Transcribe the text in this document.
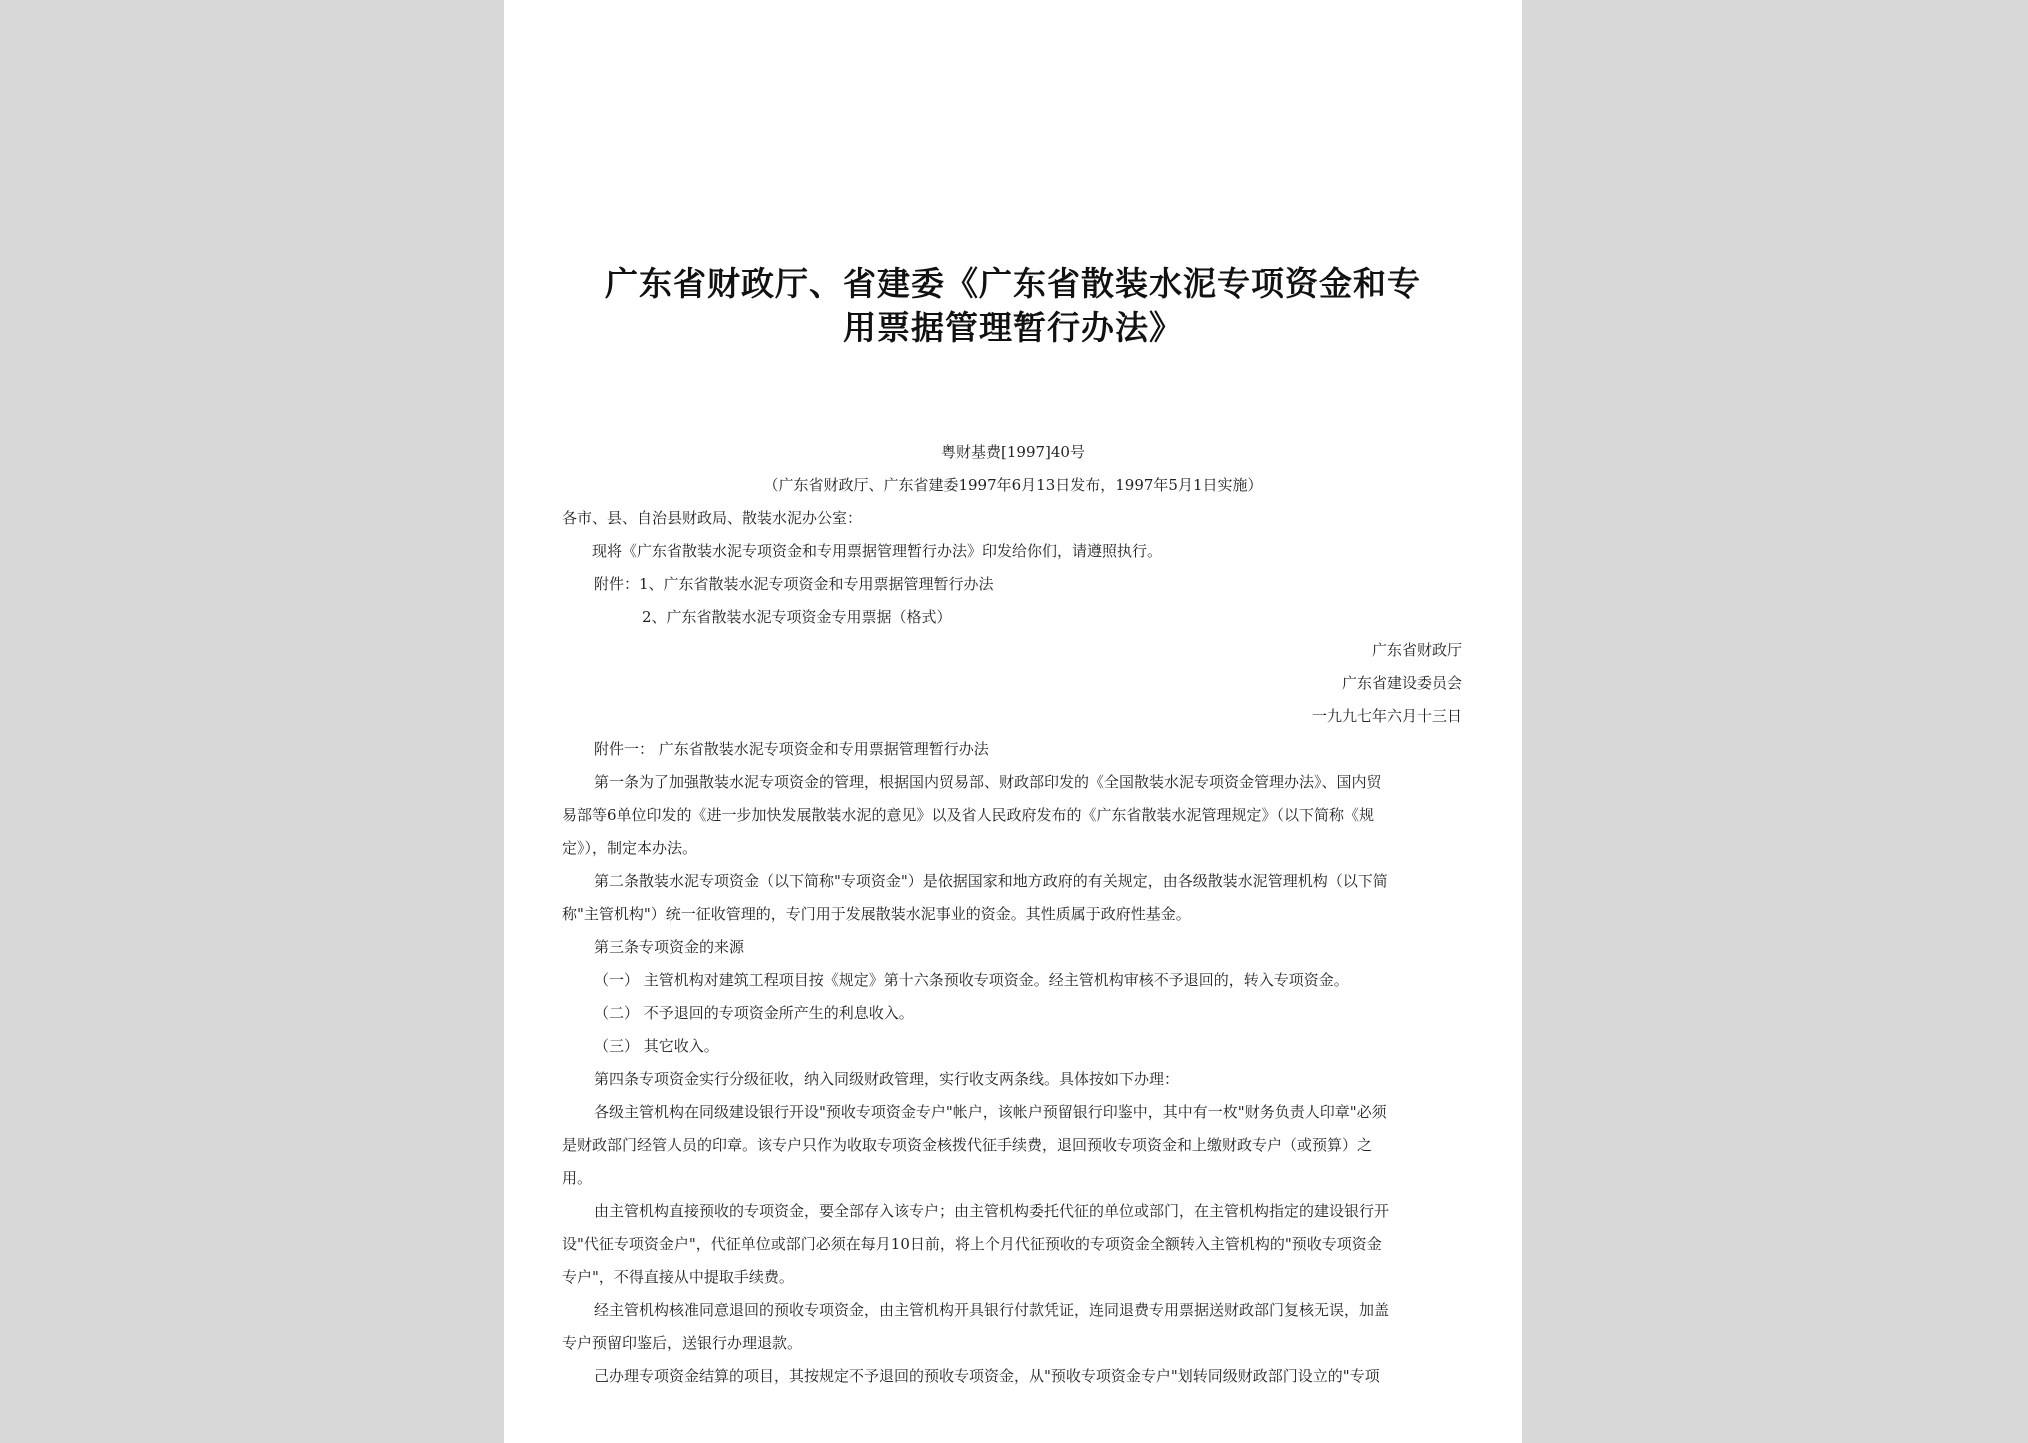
广东省财政厅、省建委《广东省散装水泥专项资金和专
用票据管理暂行办法》
粤财基费[1997]40号
（广东省财政厅、广东省建委1997年6月13日发布，1997年5月1日实施）
各市、县、自治县财政局、散装水泥办公室：
现将《广东省散装水泥专项资金和专用票据管理暂行办法》印发给你们，请遵照执行。
附件：1、广东省散装水泥专项资金和专用票据管理暂行办法
2、广东省散装水泥专项资金专用票据（格式）
广东省财政厅
广东省建设委员会
一九九七年六月十三日
附件一： 广东省散装水泥专项资金和专用票据管理暂行办法
第一条为了加强散装水泥专项资金的管理，根据国内贸易部、财政部印发的《全国散装水泥专项资金管理办法》、国内贸
易部等6单位印发的《进一步加快发展散装水泥的意见》以及省人民政府发布的《广东省散装水泥管理规定》（以下简称《规
定》），制定本办法。
第二条散装水泥专项资金（以下简称"专项资金"）是依据国家和地方政府的有关规定，由各级散装水泥管理机构（以下简
称"主管机构"）统一征收管理的，专门用于发展散装水泥事业的资金。其性质属于政府性基金。
第三条专项资金的来源
（一） 主管机构对建筑工程项目按《规定》第十六条预收专项资金。经主管机构审核不予退回的，转入专项资金。
（二） 不予退回的专项资金所产生的利息收入。
（三） 其它收入。
第四条专项资金实行分级征收，纳入同级财政管理，实行收支两条线。具体按如下办理：
各级主管机构在同级建设银行开设"预收专项资金专户"帐户，该帐户预留银行印鉴中，其中有一枚"财务负责人印章"必须
是财政部门经管人员的印章。该专户只作为收取专项资金核拨代征手续费，退回预收专项资金和上缴财政专户（或预算）之
用。
由主管机构直接预收的专项资金，要全部存入该专户；由主管机构委托代征的单位或部门，在主管机构指定的建设银行开
设"代征专项资金户"，代征单位或部门必须在每月10日前，将上个月代征预收的专项资金全额转入主管机构的"预收专项资金
专户"，不得直接从中提取手续费。
经主管机构核准同意退回的预收专项资金，由主管机构开具银行付款凭证，连同退费专用票据送财政部门复核无误，加盖
专户预留印鉴后，送银行办理退款。
己办理专项资金结算的项目，其按规定不予退回的预收专项资金，从"预收专项资金专户"划转同级财政部门设立的"专项
